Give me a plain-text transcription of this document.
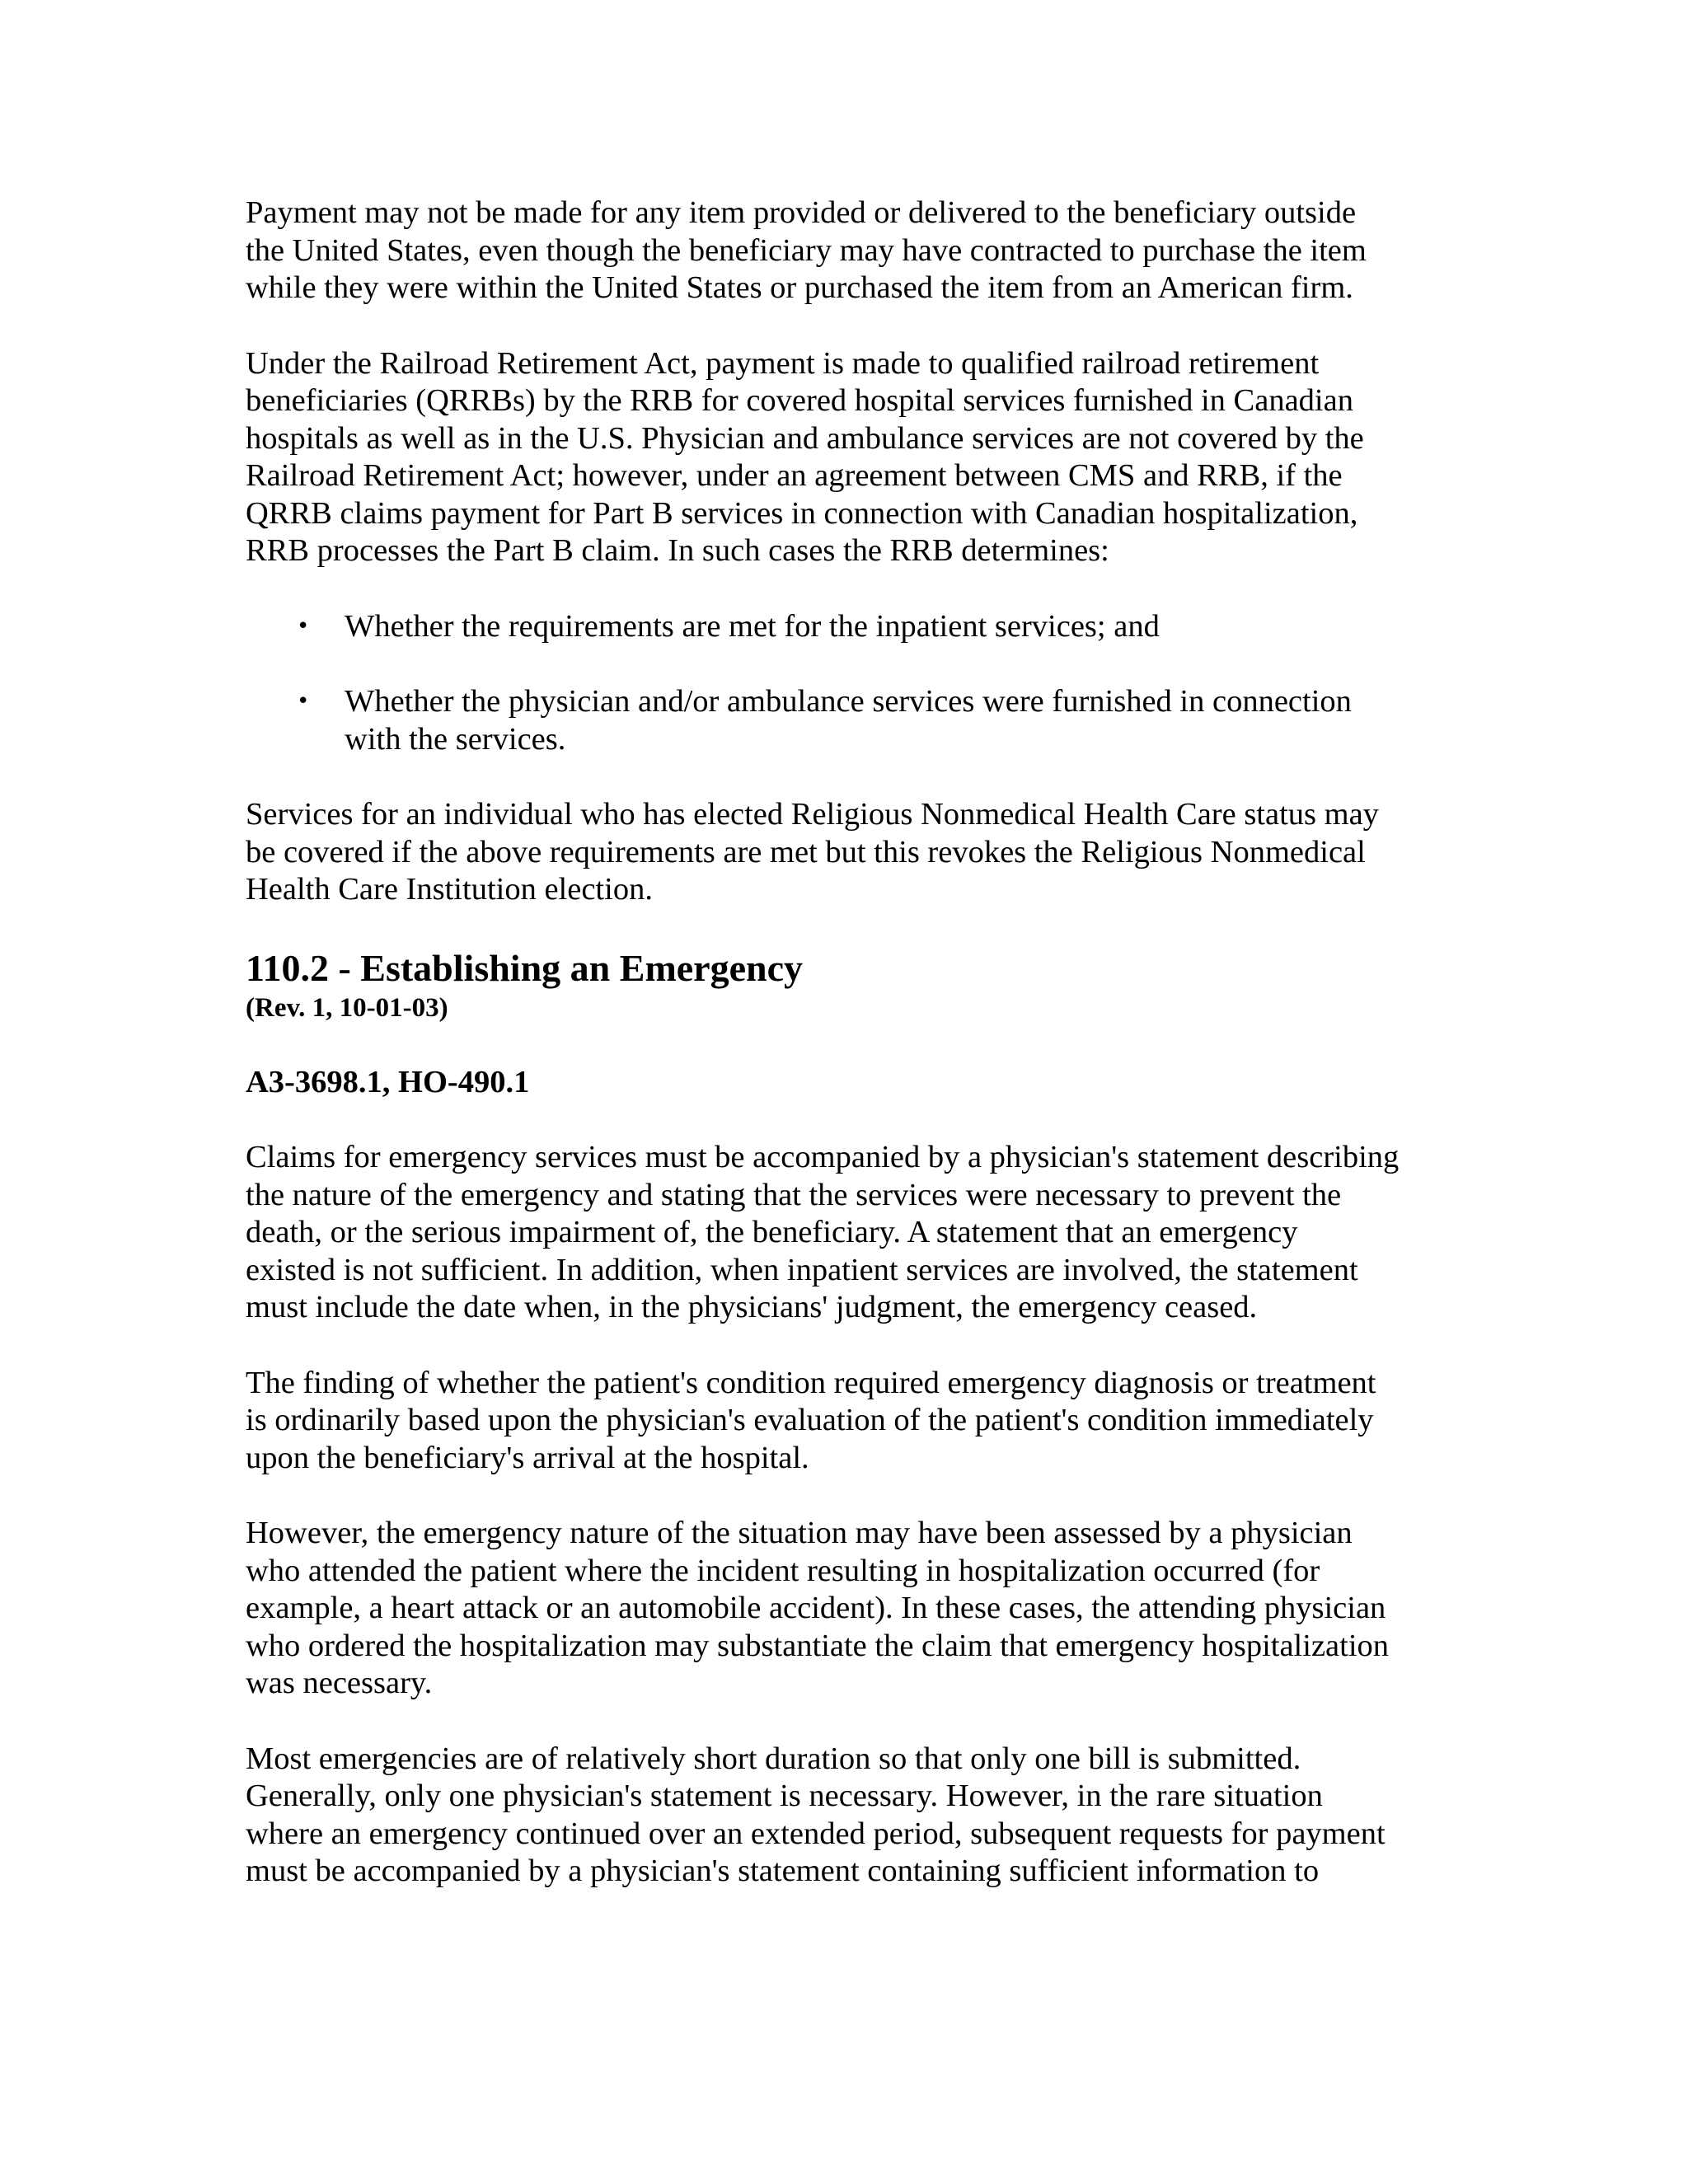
Payment may not be made for any item provided or delivered to the beneficiary outside
the United States, even though the beneficiary may have contracted to purchase the item
while they were within the United States or purchased the item from an American firm.

Under the Railroad Retirement Act, payment is made to qualified railroad retirement
beneficiaries (QRRBs) by the RRB for covered hospital services furnished in Canadian
hospitals as well as in the U.S. Physician and ambulance services are not covered by the
Railroad Retirement Act; however, under an agreement between CMS and RRB, if the
QRRB claims payment for Part B services in connection with Canadian hospitalization,
RRB processes the Part B claim. In such cases the RRB determines:

• Whether the requirements are met for the inpatient services; and
• Whether the physician and/or ambulance services were furnished in connection
with the services.

Services for an individual who has elected Religious Nonmedical Health Care status may
be covered if the above requirements are met but this revokes the Religious Nonmedical
Health Care Institution election.

110.2 - Establishing an Emergency
(Rev. 1, 10-01-03)
A3-3698.1, HO-490.1

Claims for emergency services must be accompanied by a physician's statement describing
the nature of the emergency and stating that the services were necessary to prevent the
death, or the serious impairment of, the beneficiary. A statement that an emergency
existed is not sufficient. In addition, when inpatient services are involved, the statement
must include the date when, in the physicians' judgment, the emergency ceased.

The finding of whether the patient's condition required emergency diagnosis or treatment
is ordinarily based upon the physician's evaluation of the patient's condition immediately
upon the beneficiary's arrival at the hospital.

However, the emergency nature of the situation may have been assessed by a physician
who attended the patient where the incident resulting in hospitalization occurred (for
example, a heart attack or an automobile accident). In these cases, the attending physician
who ordered the hospitalization may substantiate the claim that emergency hospitalization
was necessary.

Most emergencies are of relatively short duration so that only one bill is submitted.
Generally, only one physician's statement is necessary. However, in the rare situation
where an emergency continued over an extended period, subsequent requests for payment
must be accompanied by a physician's statement containing sufficient information to
